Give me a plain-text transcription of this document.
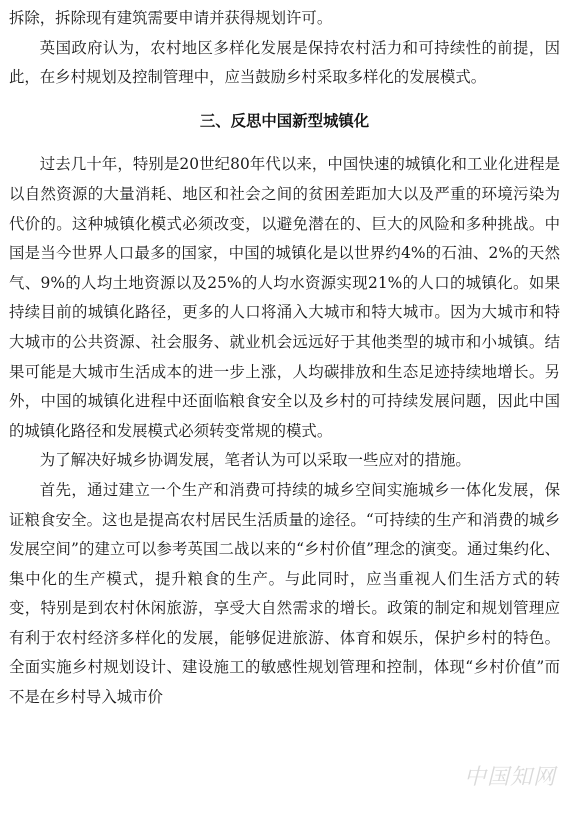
拆除，拆除现有建筑需要申请并获得规划许可。

英国政府认为，农村地区多样化发展是保持农村活力和可持续性的前提，因此，在乡村规划及控制管理中，应当鼓励乡村采取多样化的发展模式。

三、反思中国新型城镇化

过去几十年，特别是20世纪80年代以来，中国快速的城镇化和工业化进程是以自然资源的大量消耗、地区和社会之间的贫困差距加大以及严重的环境污染为代价的。这种城镇化模式必须改变，以避免潜在的、巨大的风险和多种挑战。中国是当今世界人口最多的国家，中国的城镇化是以世界约4%的石油、2%的天然气、9%的人均土地资源以及25%的人均水资源实现21%的人口的城镇化。如果持续目前的城镇化路径，更多的人口将涌入大城市和特大城市。因为大城市和特大城市的公共资源、社会服务、就业机会远远好于其他类型的城市和小城镇。结果可能是大城市生活成本的进一步上涨，人均碳排放和生态足迹持续地增长。另外，中国的城镇化进程中还面临粮食安全以及乡村的可持续发展问题，因此中国的城镇化路径和发展模式必须转变常规的模式。

为了解决好城乡协调发展，笔者认为可以采取一些应对的措施。

首先，通过建立一个生产和消费可持续的城乡空间实施城乡一体化发展，保证粮食安全。这也是提高农村居民生活质量的途径。“可持续的生产和消费的城乡发展空间”的建立可以参考英国二战以来的“乡村价值”理念的演变。通过集约化、集中化的生产模式，提升粮食的生产。与此同时，应当重视人们生活方式的转变，特别是到农村休闲旅游，享受大自然需求的增长。政策的制定和规划管理应有利于农村经济多样化的发展，能够促进旅游、体育和娱乐，保护乡村的特色。全面实施乡村规划设计、建设施工的敏感性规划管理和控制，体现“乡村价值”而不是在乡村导入城市价

中国知网
